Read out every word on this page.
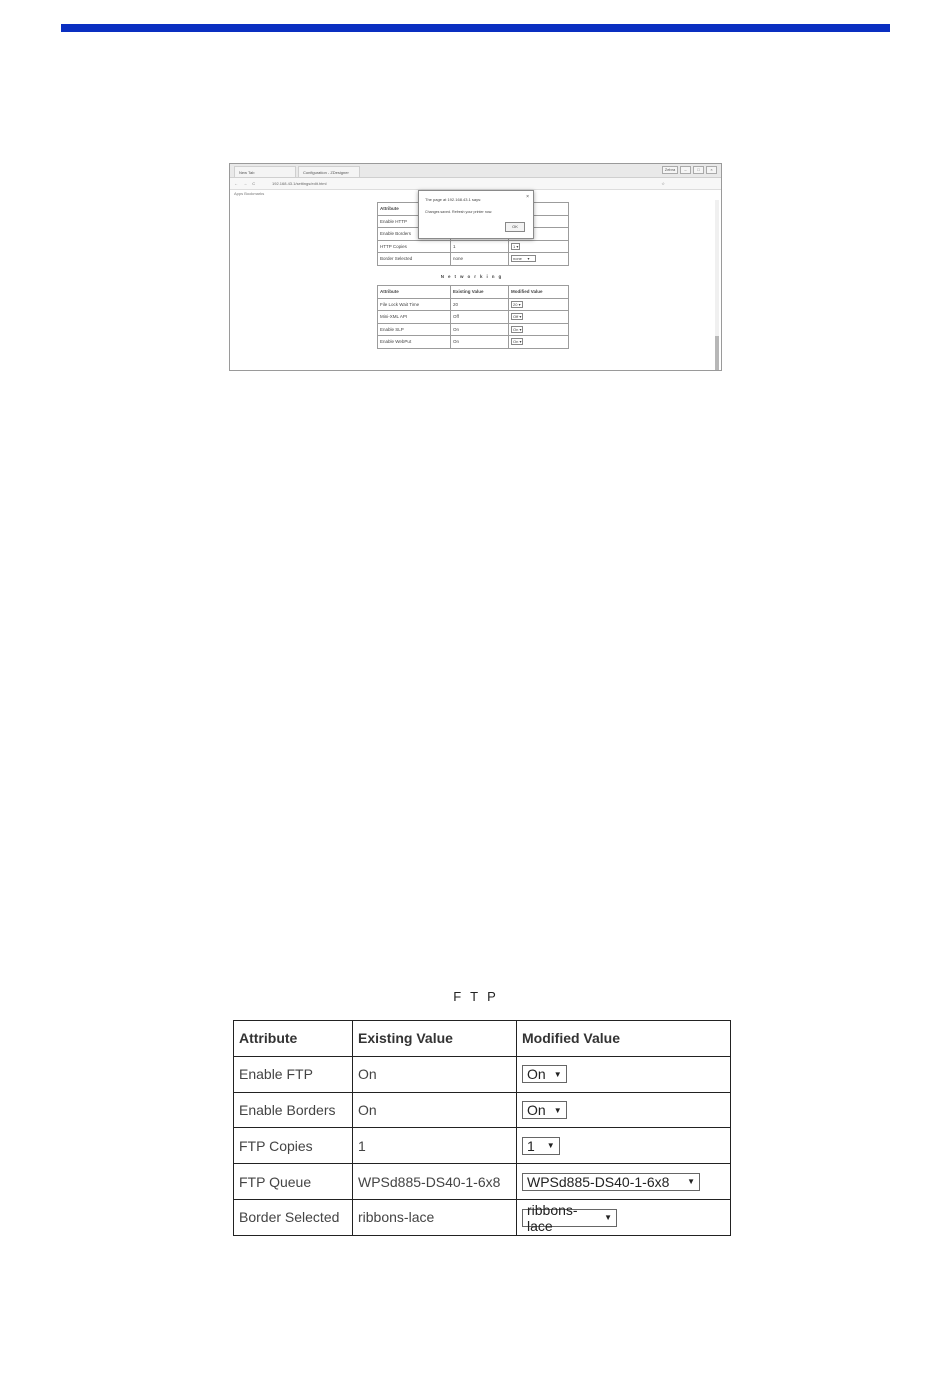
New Tab	Configuration - ZDesigner
Zebra	–	□	×
← → C	192.168.43.1/settings/edit.html	☆
Apps Bookmarks
Attribute		
Enable HTTP		
Enable Borders		
HTTP Copies	1	1 ▾
Border Selected	none	none     ▾
Networking
Attribute	Existing Value	Modified Value
File Lock Wait Time	20	20 ▾
Mini-XML API	Off	Off ▾
Enable SLP	On	On ▾
Enable WebPut	On	On ▾
The page at 192.168.43.1 says:	×
Changes saved. Refresh your printer now.
OK
FTP
Attribute	Existing Value	Modified Value
Enable FTP	On	On ▼

Enable Borders	On	On ▼

FTP Copies	1	1 ▼

FTP Queue	WPSd885-DS40-1-6x8	WPSd885-DS40-1-6x8 ▼

Border Selected	ribbons-lace	ribbons-lace ▼
